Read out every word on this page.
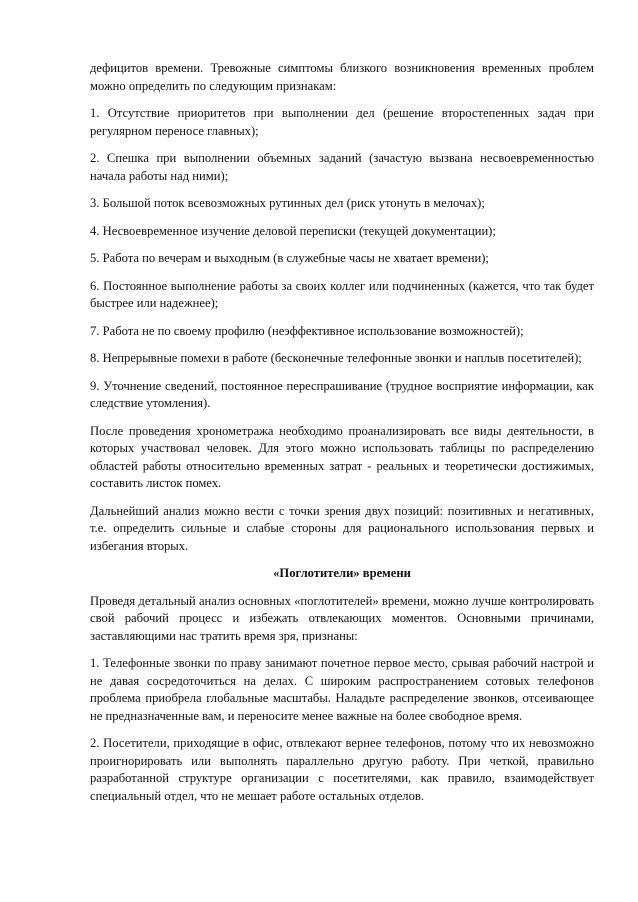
дефицитов времени. Тревожные симптомы близкого возникновения временных проблем можно определить по следующим признакам:

1. Отсутствие приоритетов при выполнении дел (решение второстепенных задач при регулярном переносе главных);

2. Спешка при выполнении объемных заданий (зачастую вызвана несвоевременностью начала работы над ними);

3. Большой поток всевозможных рутинных дел (риск утонуть в мелочах);

4. Несвоевременное изучение деловой переписки (текущей документации);

5. Работа по вечерам и выходным (в служебные часы не хватает времени);

6. Постоянное выполнение работы за своих коллег или подчиненных (кажется, что так будет быстрее или надежнее);

7. Работа не по своему профилю (неэффективное использование возможностей);

8. Непрерывные помехи в работе (бесконечные телефонные звонки и наплыв посетителей);

9. Уточнение сведений, постоянное переспрашивание (трудное восприятие информации, как следствие утомления).

После проведения хронометража необходимо проанализировать все виды деятельности, в которых участвовал человек. Для этого можно использовать таблицы по распределению областей работы относительно временных затрат - реальных и теоретически достижимых, составить листок помех.

Дальнейший анализ можно вести с точки зрения двух позиций: позитивных и негативных, т.е. определить сильные и слабые стороны для рационального использования первых и избегания вторых.

«Поглотители» времени

Проведя детальный анализ основных «поглотителей» времени, можно лучше контролировать свой рабочий процесс и избежать отвлекающих моментов. Основными причинами, заставляющими нас тратить время зря, признаны:

1. Телефонные звонки по праву занимают почетное первое место, срывая рабочий настрой и не давая сосредоточиться на делах. С широким распространением сотовых телефонов проблема приобрела глобальные масштабы. Наладьте распределение звонков, отсеивающее не предназначенные вам, и переносите менее важные на более свободное время.

2. Посетители, приходящие в офис, отвлекают вернее телефонов, потому что их невозможно проигнорировать или выполнять параллельно другую работу. При четкой, правильно разработанной структуре организации с посетителями, как правило, взаимодействует специальный отдел, что не мешает работе остальных отделов.
